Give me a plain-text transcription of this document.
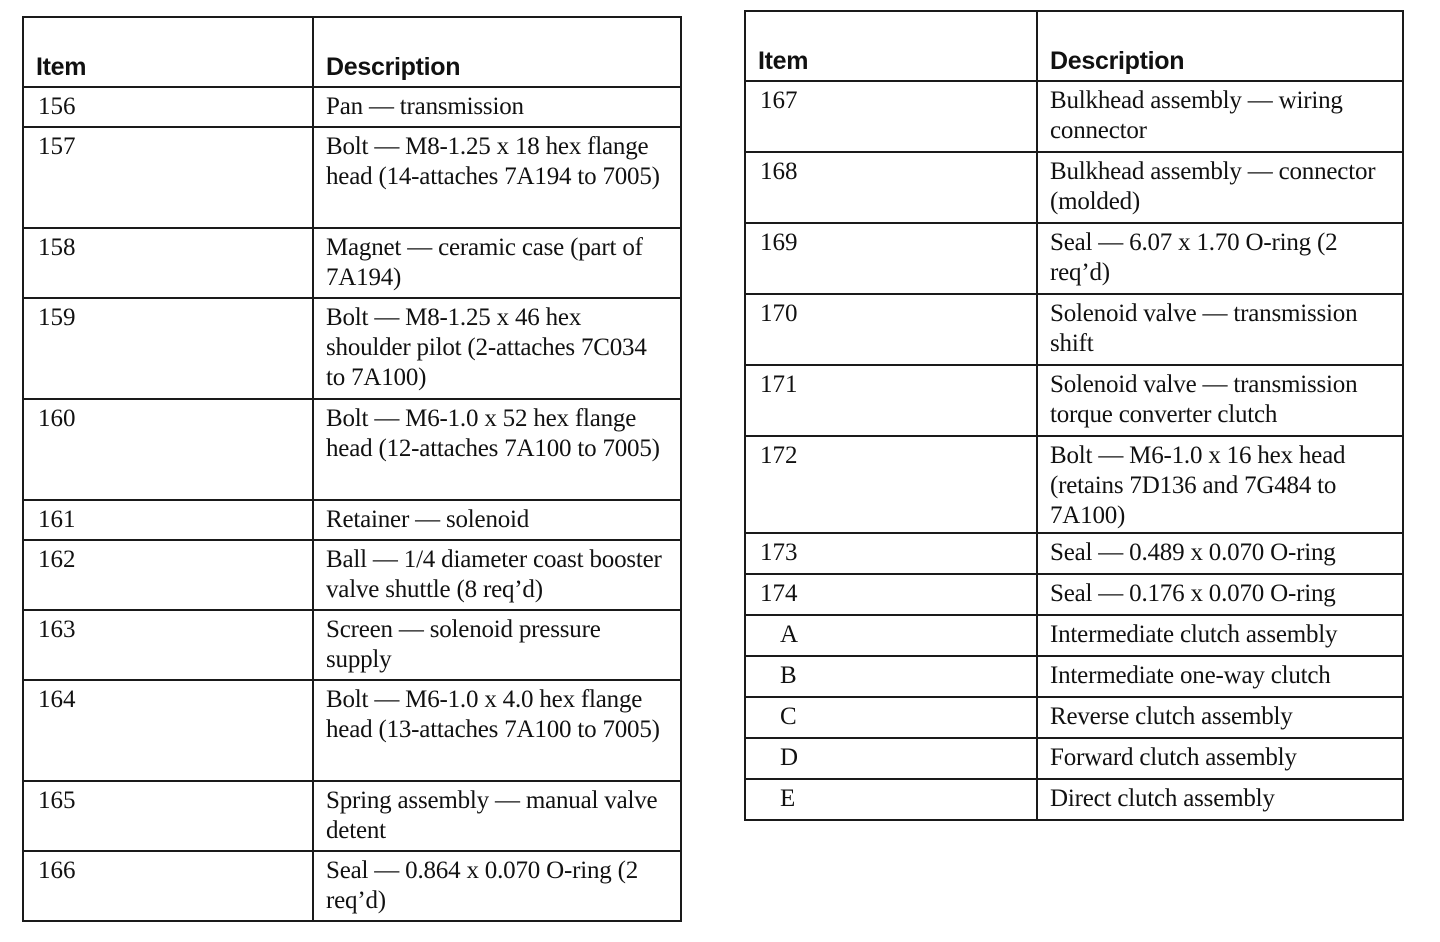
Item	Description
156	Pan — transmission
157	Bolt — M8-1.25 x 18 hex flange head (14-attaches 7A194 to 7005)
158	Magnet — ceramic case (part of 7A194)
159	Bolt — M8-1.25 x 46 hex shoulder pilot (2-attaches 7C034 to 7A100)
160	Bolt — M6-1.0 x 52 hex flange head (12-attaches 7A100 to 7005)
161	Retainer — solenoid
162	Ball — 1/4 diameter coast booster valve shuttle (8 req’d)
163	Screen — solenoid pressure supply
164	Bolt — M6-1.0 x 4.0 hex flange head (13-attaches 7A100 to 7005)
165	Spring assembly — manual valve detent
166	Seal — 0.864 x 0.070 O-ring (2 req’d)
Item	Description
167	Bulkhead assembly — wiring connector
168	Bulkhead assembly — connector (molded)
169	Seal — 6.07 x 1.70 O-ring (2 req’d)
170	Solenoid valve — transmission shift
171	Solenoid valve — transmission torque converter clutch
172	Bolt — M6-1.0 x 16 hex head (retains 7D136 and 7G484 to 7A100)
173	Seal — 0.489 x 0.070 O-ring
174	Seal — 0.176 x 0.070 O-ring
A	Intermediate clutch assembly
B	Intermediate one-way clutch
C	Reverse clutch assembly
D	Forward clutch assembly
E	Direct clutch assembly
